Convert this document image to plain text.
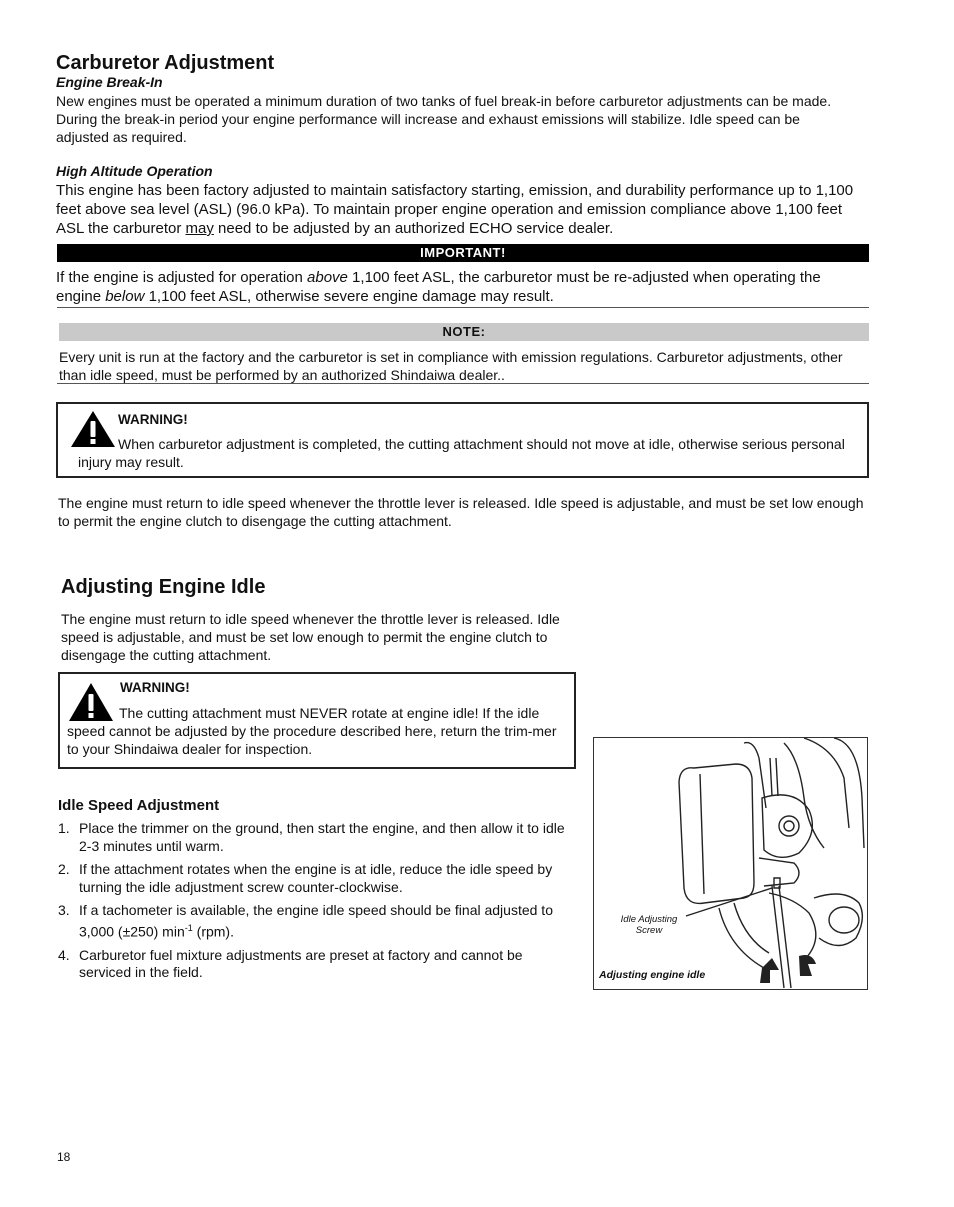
Carburetor Adjustment
Engine Break-In

New engines must be operated a minimum duration of two tanks of fuel break-in before carburetor adjustments can be made. During the break-in period your engine performance will increase and exhaust emissions will stabilize. Idle speed can be adjusted as required.

High Altitude Operation

This engine has been factory adjusted to maintain satisfactory starting, emission, and durability performance up to 1,100 feet above sea level (ASL) (96.0 kPa). To maintain proper engine operation and emission compliance above 1,100 feet ASL the carburetor may need to be adjusted by an authorized ECHO service dealer.

IMPORTANT!

If the engine is adjusted for operation above 1,100 feet ASL, the carburetor must be re-adjusted when operating the engine below 1,100 feet ASL, otherwise severe engine damage may result.

NOTE:

Every unit is run at the factory and the carburetor is set in compliance with emission regulations. Carburetor adjustments, other than idle speed, must be performed by an authorized Shindaiwa dealer..

WARNING!

When carburetor adjustment is completed, the cutting attachment should not move at idle, otherwise serious personal injury may result.

The engine must return to idle speed whenever the throttle lever is released. Idle speed is adjustable, and must be set low enough to permit the engine clutch to disengage the cutting attachment.

Adjusting Engine Idle

The engine must return to idle speed whenever the throttle lever is released. Idle speed is adjustable, and must be set low enough to permit the engine clutch to disengage the cutting attachment.

WARNING!

The cutting attachment must NEVER rotate at engine idle! If the idle speed cannot be adjusted by the procedure described here, return the trim-mer to your Shindaiwa dealer for inspection.

Idle Speed Adjustment
1. Place the trimmer on the ground, then start the engine, and then allow it to idle 2-3 minutes until warm.
2. If the attachment rotates when the engine is at idle, reduce the idle speed by turning the idle adjustment screw counter-clockwise.
3. If a tachometer is available, the engine idle speed should be final adjusted to 3,000 (±250) $\min^{-1} (rpm)$.
4. Carburetor fuel mixture adjustments are preset at factory and cannot be serviced in the field.
Idle Adjusting
Screw
Adjusting engine idle
18
